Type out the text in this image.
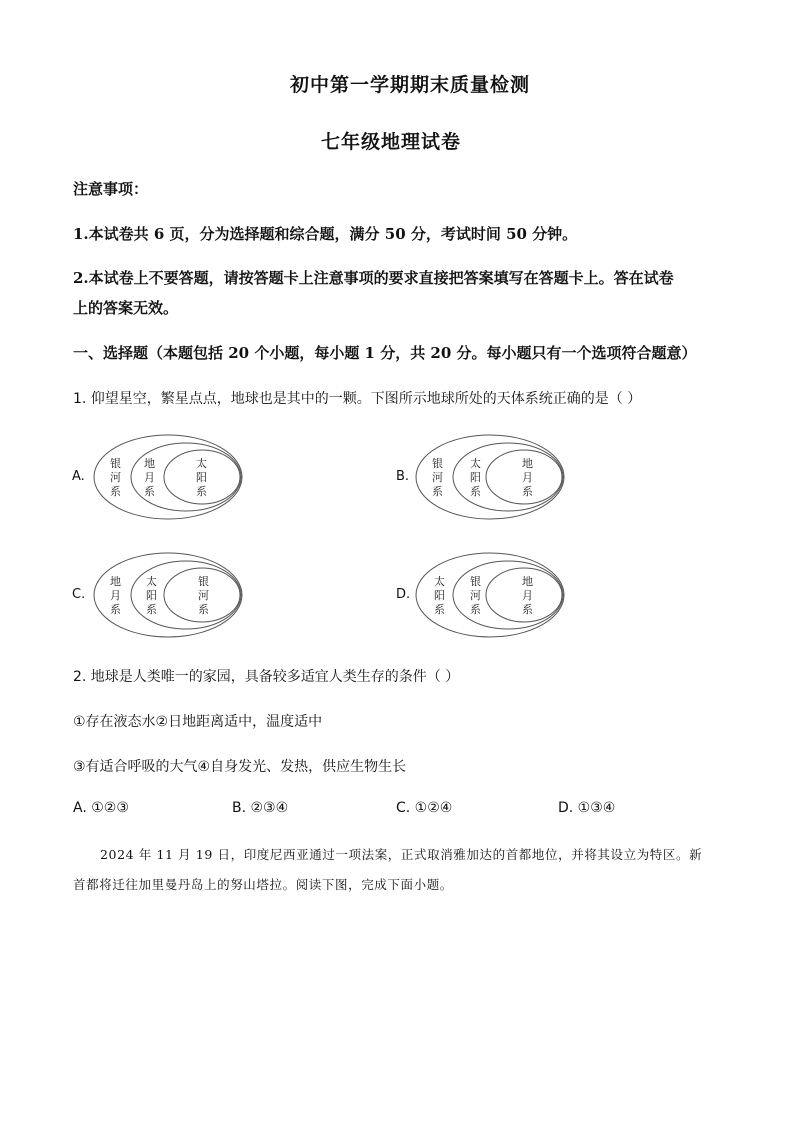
初中第一学期期末质量检测
七年级地理试卷
注意事项：
1.本试卷共 6 页，分为选择题和综合题，满分 50 分，考试时间 50 分钟。
2.本试卷上不要答题，请按答题卡上注意事项的要求直接把答案填写在答题卡上。答在试卷
上的答案无效。
一、选择题（本题包括 20 个小题，每小题 1 分，共 20 分。每小题只有一个选项符合题意）
1. 仰望星空，繁星点点，地球也是其中的一颗。下图所示地球所处的天体系统正确的是（ ）
A.
银
河
系
地
月
系
太
阳
系
B.
银
河
系
太
阳
系
地
月
系
C.
地
月
系
太
阳
系
银
河
系
D.
太
阳
系
银
河
系
地
月
系
2. 地球是人类唯一的家园，具备较多适宜人类生存的条件（ ）
①存在液态水②日地距离适中，温度适中
③有适合呼吸的大气④自身发光、发热，供应生物生长
A. ①②③	B. ②③④	C. ①②④	D. ①③④
2024 年 11 月 19 日，印度尼西亚通过一项法案，正式取消雅加达的首都地位，并将其设立为特区。新
首都将迁往加里曼丹岛上的努山塔拉。阅读下图，完成下面小题。
